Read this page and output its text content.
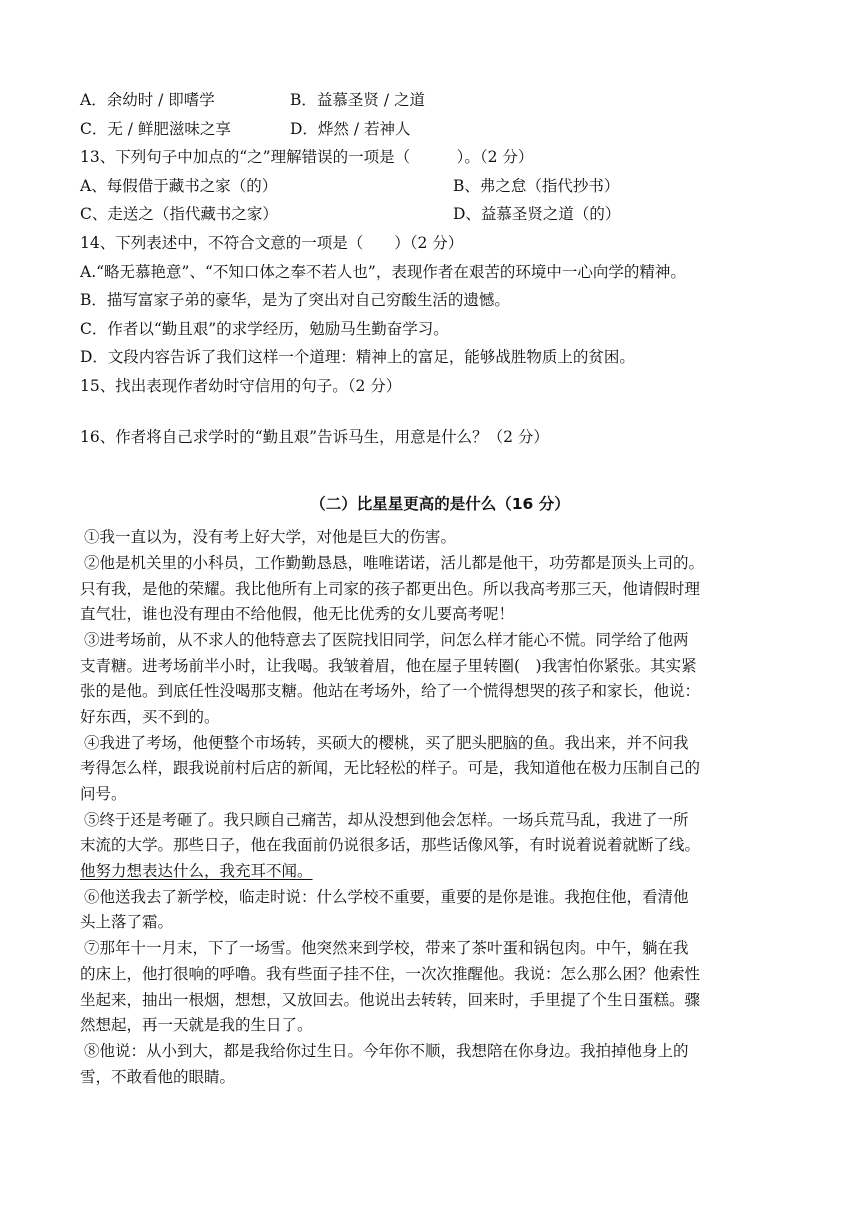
A．余幼时 / 即嗜学	B．益慕圣贤 / 之道
C．无 / 鲜肥滋味之享	D．烨然 / 若神人
13、下列句子中加点的“之”理解错误的一项是（　　　）。（2 分）
A、每假借于藏书之家（的）	B、弗之怠（指代抄书）
C、走送之（指代藏书之家）	D、益慕圣贤之道（的）
14、下列表述中，不符合文意的一项是（　　）（2 分）
A.“略无慕艳意”、“不知口体之奉不若人也”，表现作者在艰苦的环境中一心向学的精神。
B．描写富家子弟的豪华，是为了突出对自己穷酸生活的遗憾。
C．作者以“勤且艰”的求学经历，勉励马生勤奋学习。
D．文段内容告诉了我们这样一个道理：精神上的富足，能够战胜物质上的贫困。
15、找出表现作者幼时守信用的句子。（2 分）
16、作者将自己求学时的“勤且艰”告诉马生，用意是什么？（2 分）
（二）比星星更高的是什么（16 分）
①我一直以为，没有考上好大学，对他是巨大的伤害。
②他是机关里的小科员，工作勤勤恳恳，唯唯诺诺，活儿都是他干，功劳都是顶头上司的。
只有我，是他的荣耀。我比他所有上司家的孩子都更出色。所以我高考那三天，他请假时理
直气壮，谁也没有理由不给他假，他无比优秀的女儿要高考呢！
③进考场前，从不求人的他特意去了医院找旧同学，问怎么样才能心不慌。同学给了他两
支青糖。进考场前半小时，让我喝。我皱着眉，他在屋子里转圈(　)我害怕你紧张。其实紧
张的是他。到底任性没喝那支糖。他站在考场外，给了一个慌得想哭的孩子和家长，他说：
好东西，买不到的。
④我进了考场，他便整个市场转，买硕大的樱桃，买了肥头肥脑的鱼。我出来，并不问我
考得怎么样，跟我说前村后店的新闻，无比轻松的样子。可是，我知道他在极力压制自己的
问号。
⑤终于还是考砸了。我只顾自己痛苦，却从没想到他会怎样。一场兵荒马乱，我进了一所
末流的大学。那些日子，他在我面前仍说很多话，那些话像风筝，有时说着说着就断了线。
他努力想表达什么，我充耳不闻。
⑥他送我去了新学校，临走时说：什么学校不重要，重要的是你是谁。我抱住他，看清他
头上落了霜。
⑦那年十一月末，下了一场雪。他突然来到学校，带来了茶叶蛋和锅包肉。中午，躺在我
的床上，他打很响的呼噜。我有些面子挂不住，一次次推醒他。我说：怎么那么困？他索性
坐起来，抽出一根烟，想想，又放回去。他说出去转转，回来时，手里提了个生日蛋糕。骤
然想起，再一天就是我的生日了。
⑧他说：从小到大，都是我给你过生日。今年你不顺，我想陪在你身边。我拍掉他身上的
雪，不敢看他的眼睛。
